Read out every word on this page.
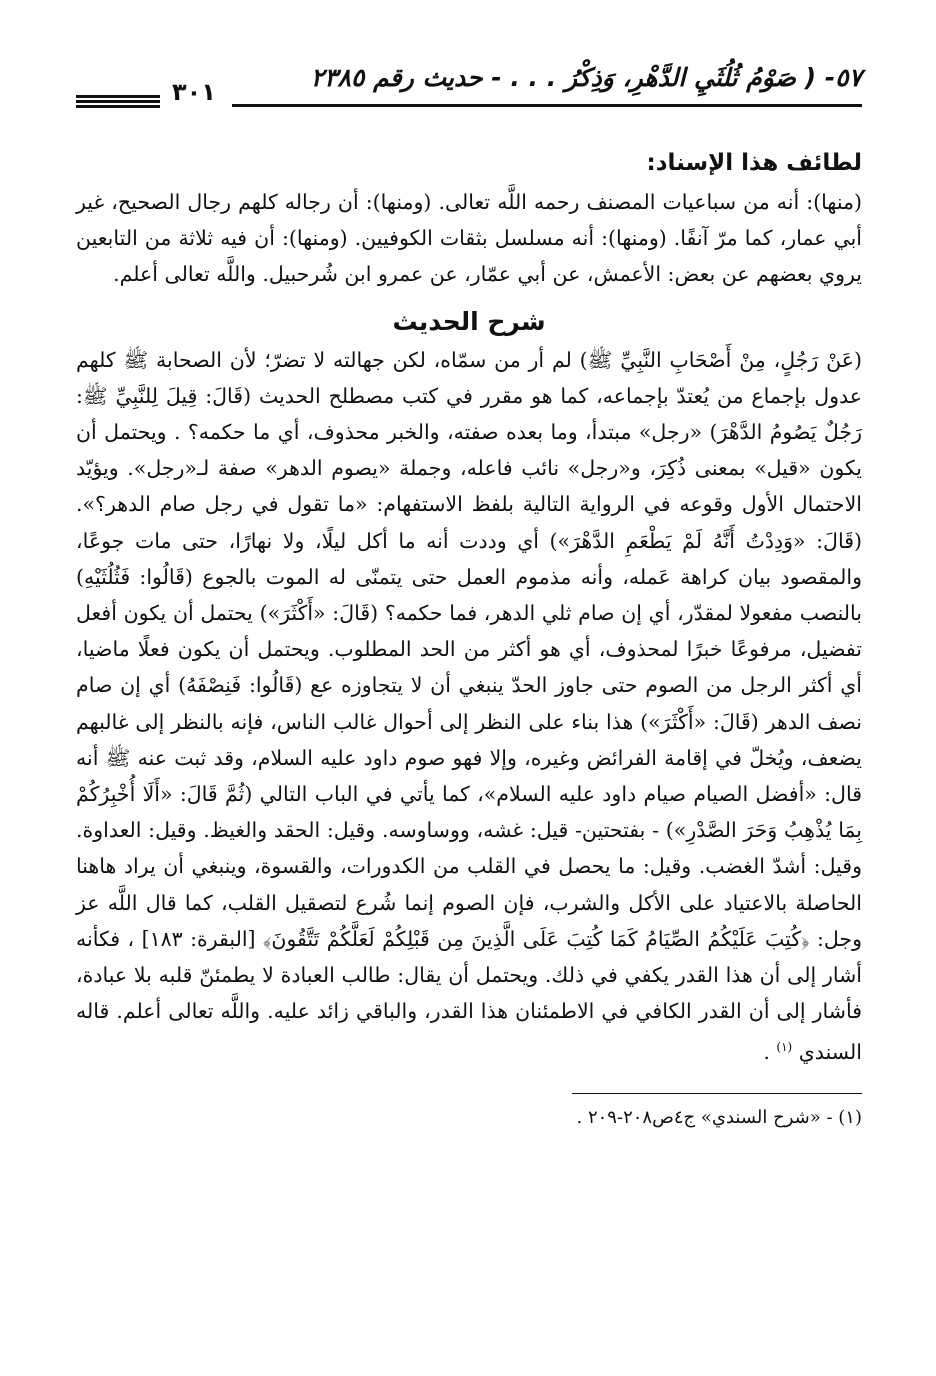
٥٧- ( صَوْمُ ثُلُثَيِ الدَّهْرِ، وَذِكْرُ . . . - حديث رقم ٢٣٨٥
٣٠١
لطائف هذا الإسناد:

(منها): أنه من سباعيات المصنف رحمه اللَّه تعالى. (ومنها): أن رجاله كلهم رجال الصحيح، غير أبي عمار، كما مرّ آنفًا. (ومنها): أنه مسلسل بثقات الكوفيين. (ومنها): أن فيه ثلاثة من التابعين يروي بعضهم عن بعض: الأعمش، عن أبي عمّار، عن عمرو ابن شُرحبيل. واللَّه تعالى أعلم.

شرح الحديث

(عَنْ رَجُلٍ، مِنْ أَصْحَابِ النَّبِيِّ ﷺ) لم أر من سمّاه، لكن جهالته لا تضرّ؛ لأن الصحابة ﷺ كلهم عدول بإجماع من يُعتدّ بإجماعه، كما هو مقرر في كتب مصطلح الحديث (قَالَ: قِيلَ لِلنَّبِيِّ ﷺ: رَجُلٌ يَصُومُ الدَّهْرَ) «رجل» مبتدأ، وما بعده صفته، والخبر محذوف، أي ما حكمه؟ . ويحتمل أن يكون «قيل» بمعنى ذُكِرَ، و«رجل» نائب فاعله، وجملة «يصوم الدهر» صفة لـ«رجل». ويؤيّد الاحتمال الأول وقوعه في الرواية التالية بلفظ الاستفهام: «ما تقول في رجل صام الدهر؟». (قَالَ: «وَدِدْتُ أَنَّهُ لَمْ يَطْعَمِ الدَّهْرَ») أي وددت أنه ما أكل ليلًا، ولا نهارًا، حتى مات جوعًا، والمقصود بيان كراهة عَمله، وأنه مذموم العمل حتى يتمنّى له الموت بالجوع (قَالُوا: فَثُلُثَيْهِ) بالنصب مفعولا لمقدّر، أي إن صام ثلي الدهر، فما حكمه؟ (قَالَ: «أَكْثَرَ») يحتمل أن يكون أفعل تفضيل، مرفوعًا خبرًا لمحذوف، أي هو أكثر من الحد المطلوب. ويحتمل أن يكون فعلًا ماضيا، أي أكثر الرجل من الصوم حتى جاوز الحدّ ينبغي أن لا يتجاوزه عع (قَالُوا: فَنِصْفَهُ) أي إن صام نصف الدهر (قَالَ: «أَكْثَرَ») هذا بناء على النظر إلى أحوال غالب الناس، فإنه بالنظر إلى غالبهم يضعف، ويُخلّ في إقامة الفرائض وغيره، وإلا فهو صوم داود عليه السلام، وقد ثبت عنه ﷺ أنه قال: «أفضل الصيام صيام داود عليه السلام»، كما يأتي في الباب التالي (ثُمَّ قَالَ: «أَلَا أُخْبِرُكُمْ بِمَا يُذْهِبُ وَحَرَ الصَّدْرِ») - بفتحتين- قيل: غشه، ووساوسه. وقيل: الحقد والغيظ. وقيل: العداوة. وقيل: أشدّ الغضب. وقيل: ما يحصل في القلب من الكدورات، والقسوة، وينبغي أن يراد هاهنا الحاصلة بالاعتياد على الأكل والشرب، فإن الصوم إنما شُرع لتصقيل القلب، كما قال اللَّه عز وجل: ﴿كُتِبَ عَلَيْكُمُ الصِّيَامُ كَمَا كُتِبَ عَلَى الَّذِينَ مِن قَبْلِكُمْ لَعَلَّكُمْ تَتَّقُونَ﴾ [البقرة: ١٨٣] ، فكأنه أشار إلى أن هذا القدر يكفي في ذلك. ويحتمل أن يقال: طالب العبادة لا يطمئنّ قلبه بلا عبادة، فأشار إلى أن القدر الكافي في الاطمئنان هذا القدر، والباقي زائد عليه. واللَّه تعالى أعلم. قاله السندي $^{(١)}$ .

(١) - «شرح السندي» ج٤ص٢٠٨-٢٠٩ .
